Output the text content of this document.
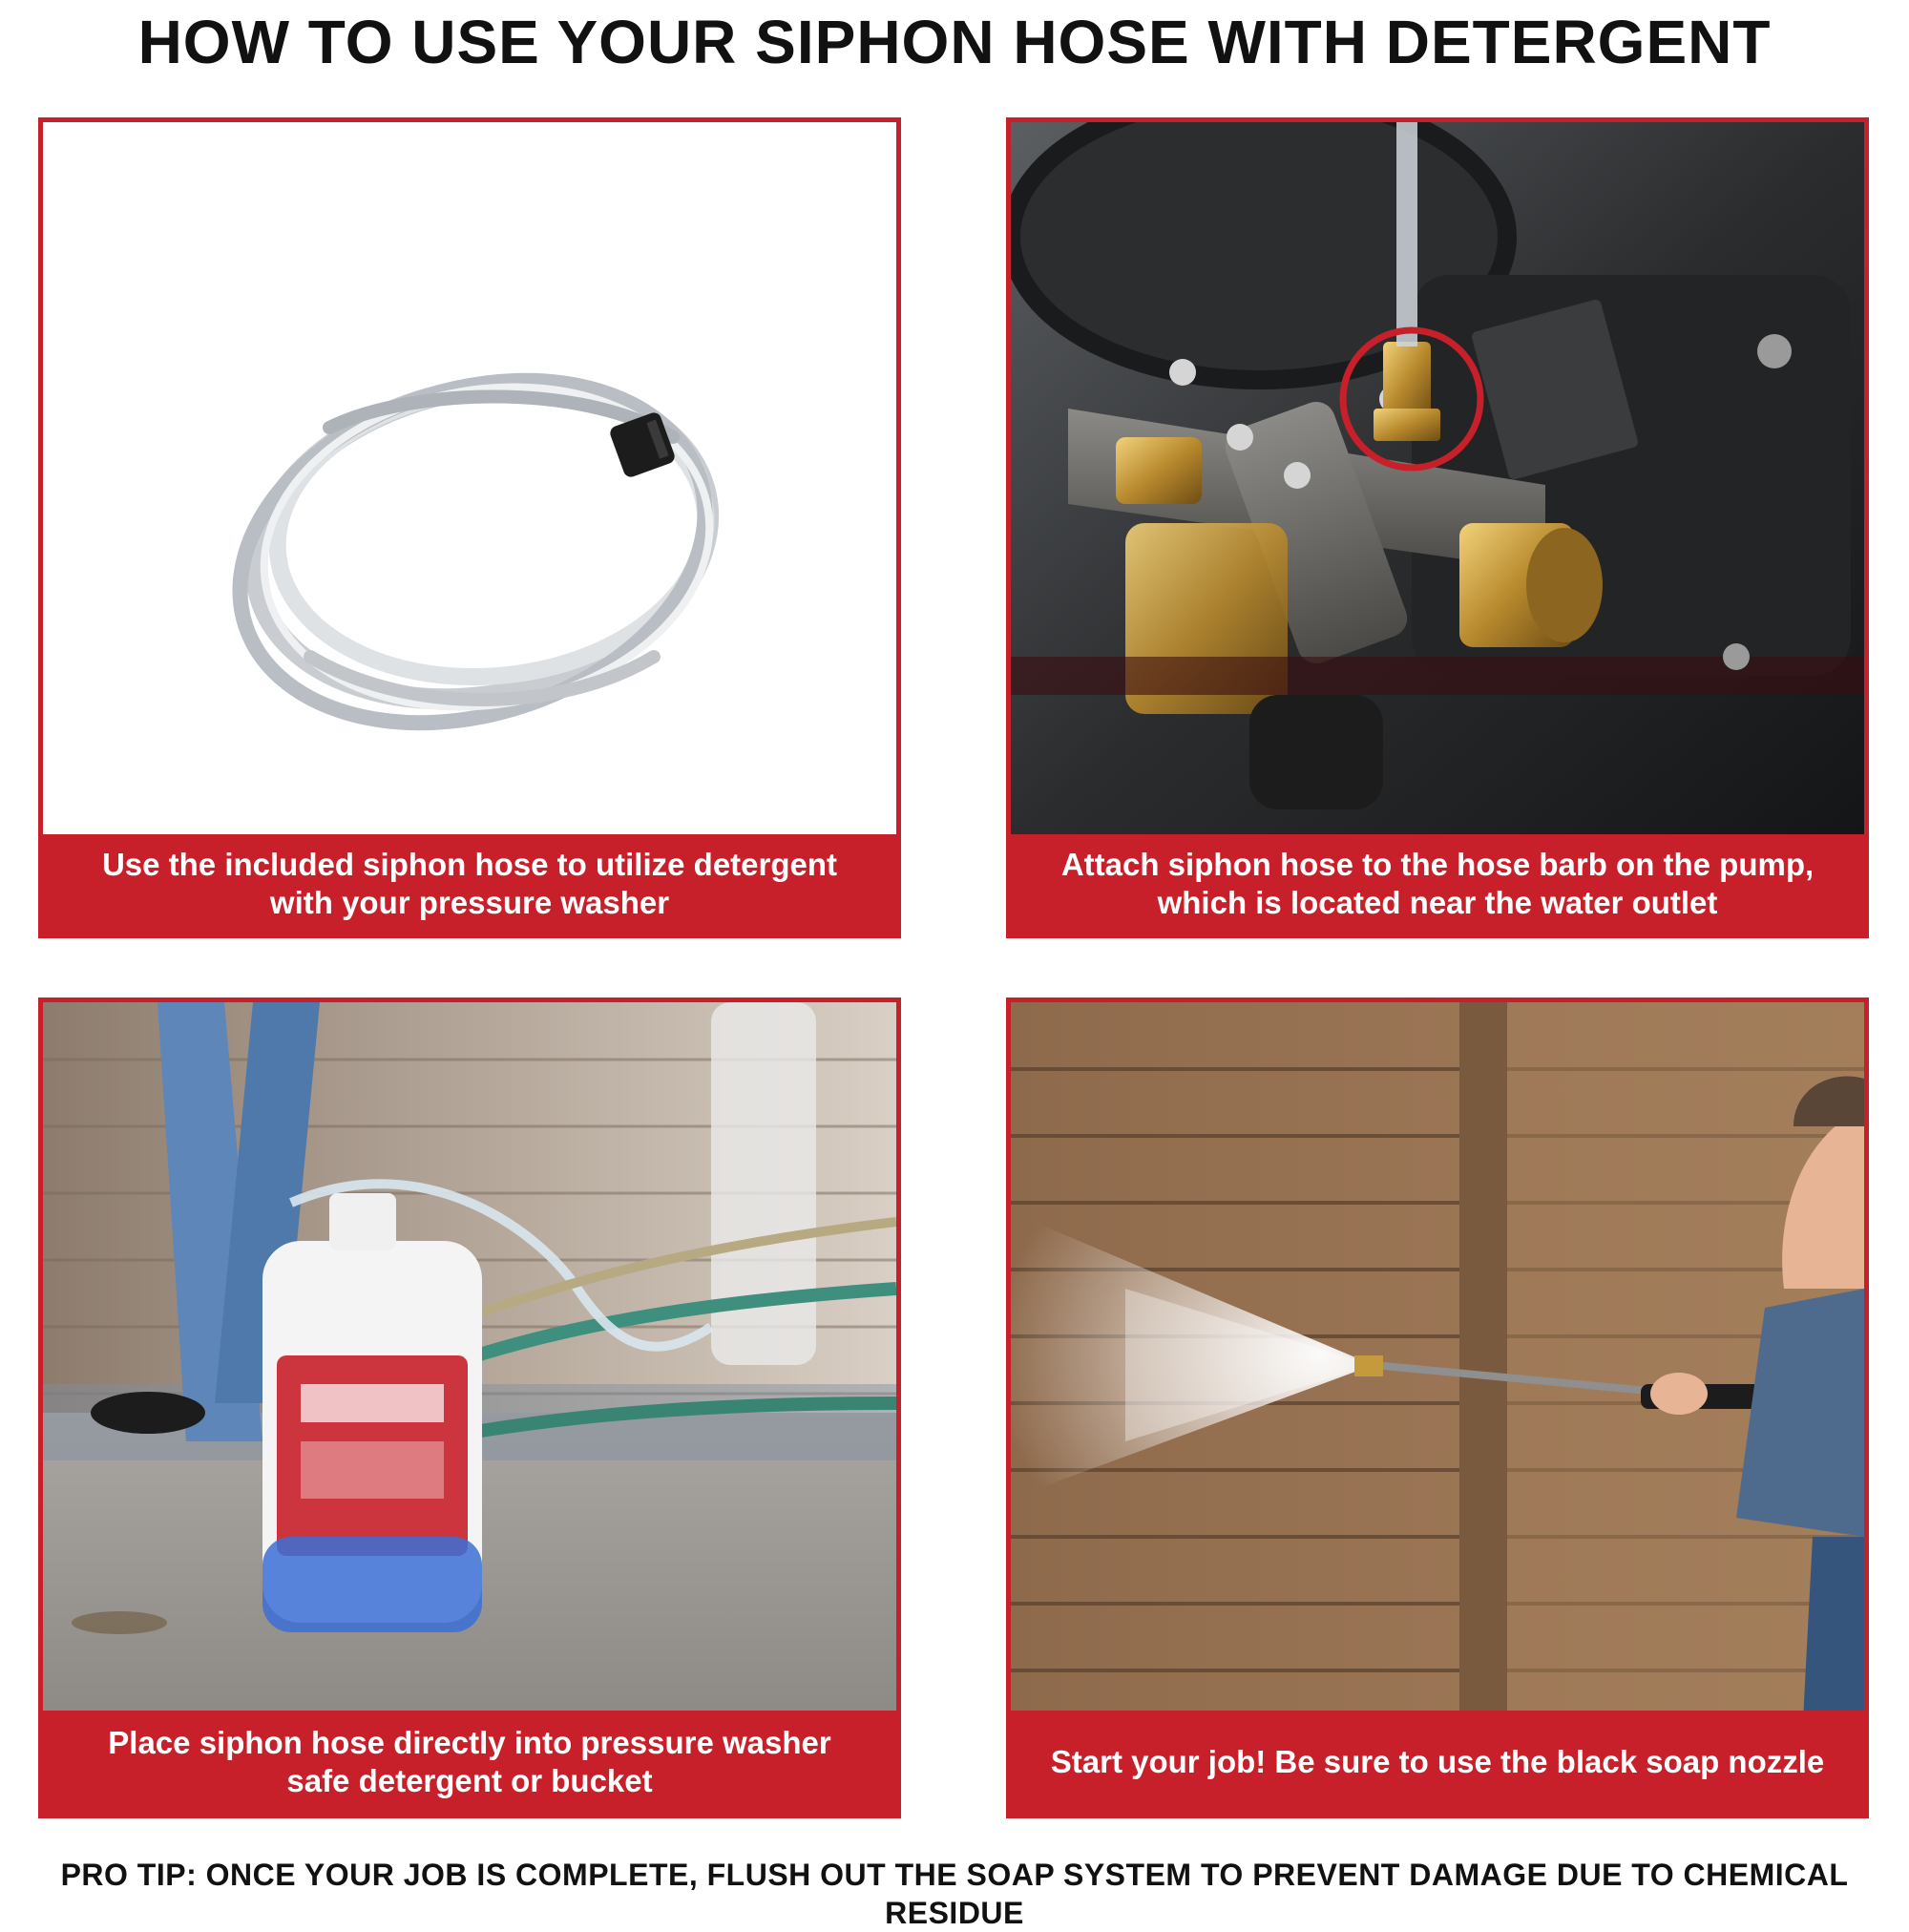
HOW TO USE YOUR SIPHON HOSE WITH DETERGENT
Use the included siphon hose to utilize detergent with your pressure washer
Attach siphon hose to the hose barb on the pump, which is located near the water outlet
Place siphon hose directly into pressure washer safe detergent or bucket
Start your job! Be sure to use the black soap nozzle
PRO TIP: ONCE YOUR JOB IS COMPLETE, FLUSH OUT THE SOAP SYSTEM TO PREVENT DAMAGE DUE TO CHEMICAL RESIDUE
